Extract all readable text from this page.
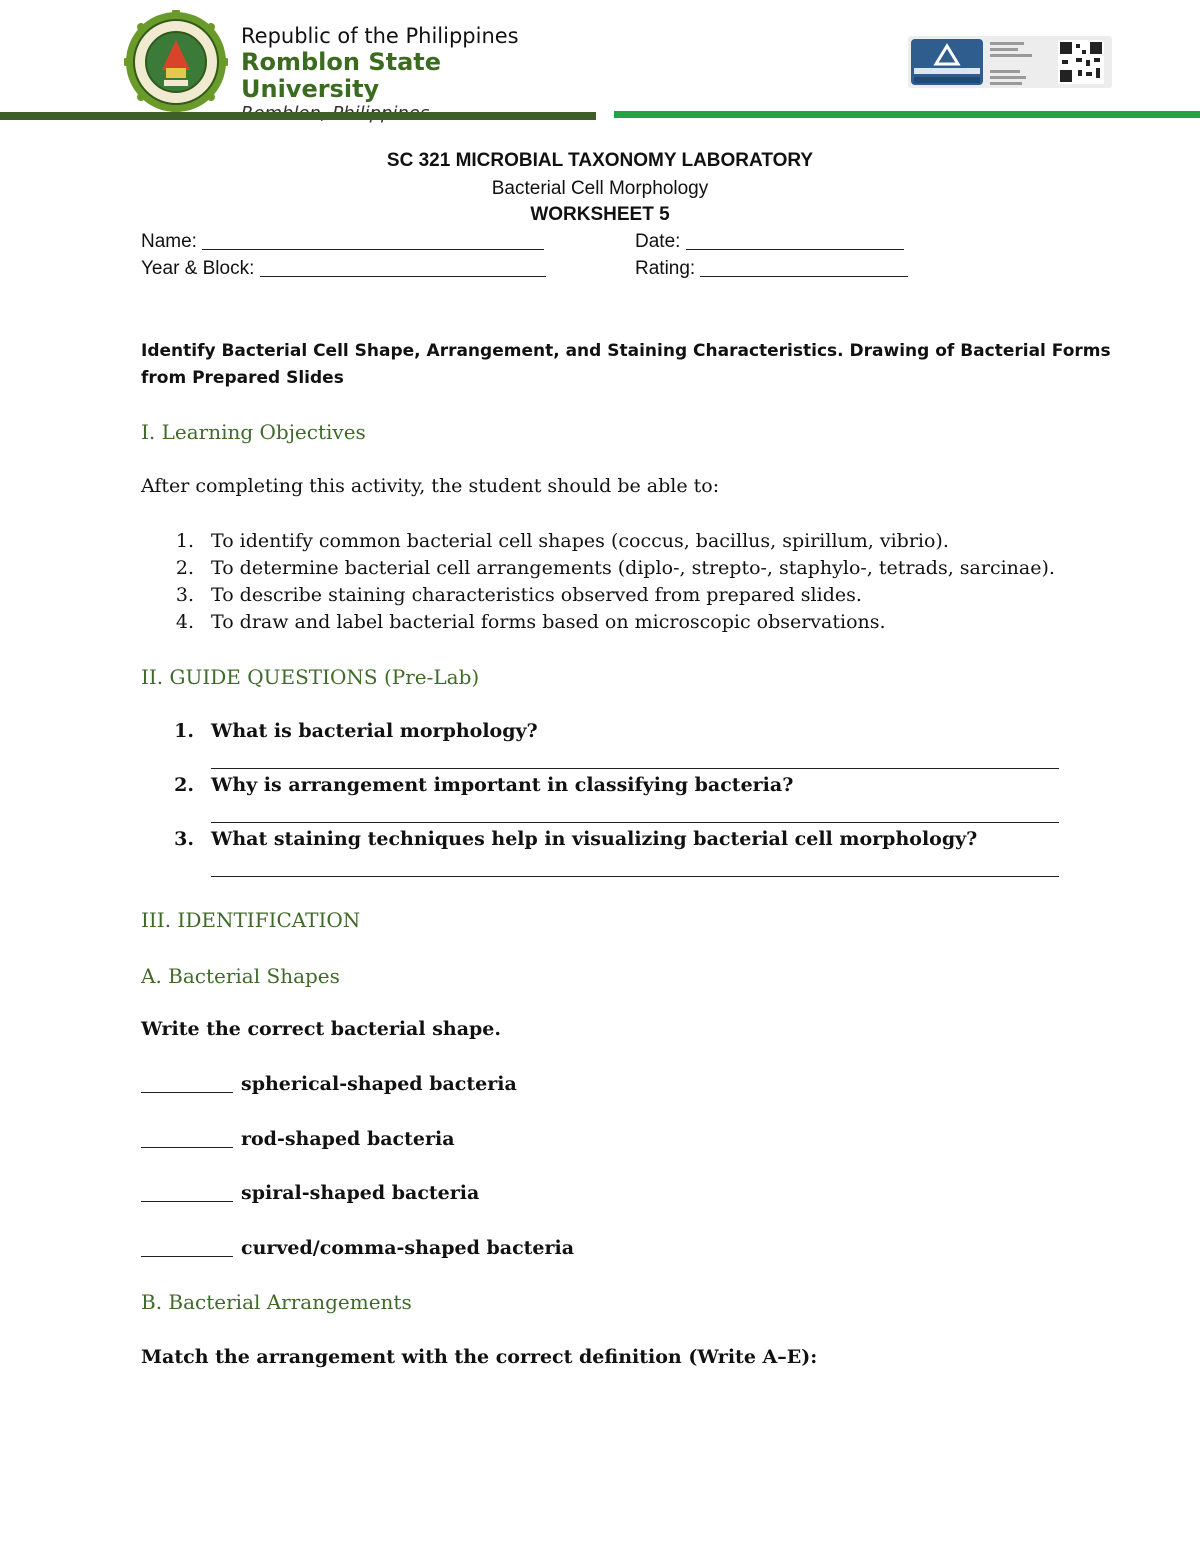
Republic of the Philippines
Romblon State
University
SC 321 MICROBIAL TAXONOMY LABORATORY
Bacterial Cell Morphology
WORKSHEET 5
Name:	Date:
Year & Block:	Rating:
Identify Bacterial Cell Shape, Arrangement, and Staining Characteristics. Drawing of Bacterial Forms
from Prepared Slides
I. Learning Objectives
After completing this activity, the student should be able to:
1. To identify common bacterial cell shapes (coccus, bacillus, spirillum, vibrio).
2. To determine bacterial cell arrangements (diplo-, strepto-, staphylo-, tetrads, sarcinae).
3. To describe staining characteristics observed from prepared slides.
4. To draw and label bacterial forms based on microscopic observations.
II. GUIDE QUESTIONS (Pre-Lab)
1. What is bacterial morphology?
2. Why is arrangement important in classifying bacteria?
3. What staining techniques help in visualizing bacterial cell morphology?
III. IDENTIFICATION
A. Bacterial Shapes
Write the correct bacterial shape.
spherical-shaped bacteria
rod-shaped bacteria
spiral-shaped bacteria
curved/comma-shaped bacteria
B. Bacterial Arrangements
Match the arrangement with the correct definition (Write A–E):
